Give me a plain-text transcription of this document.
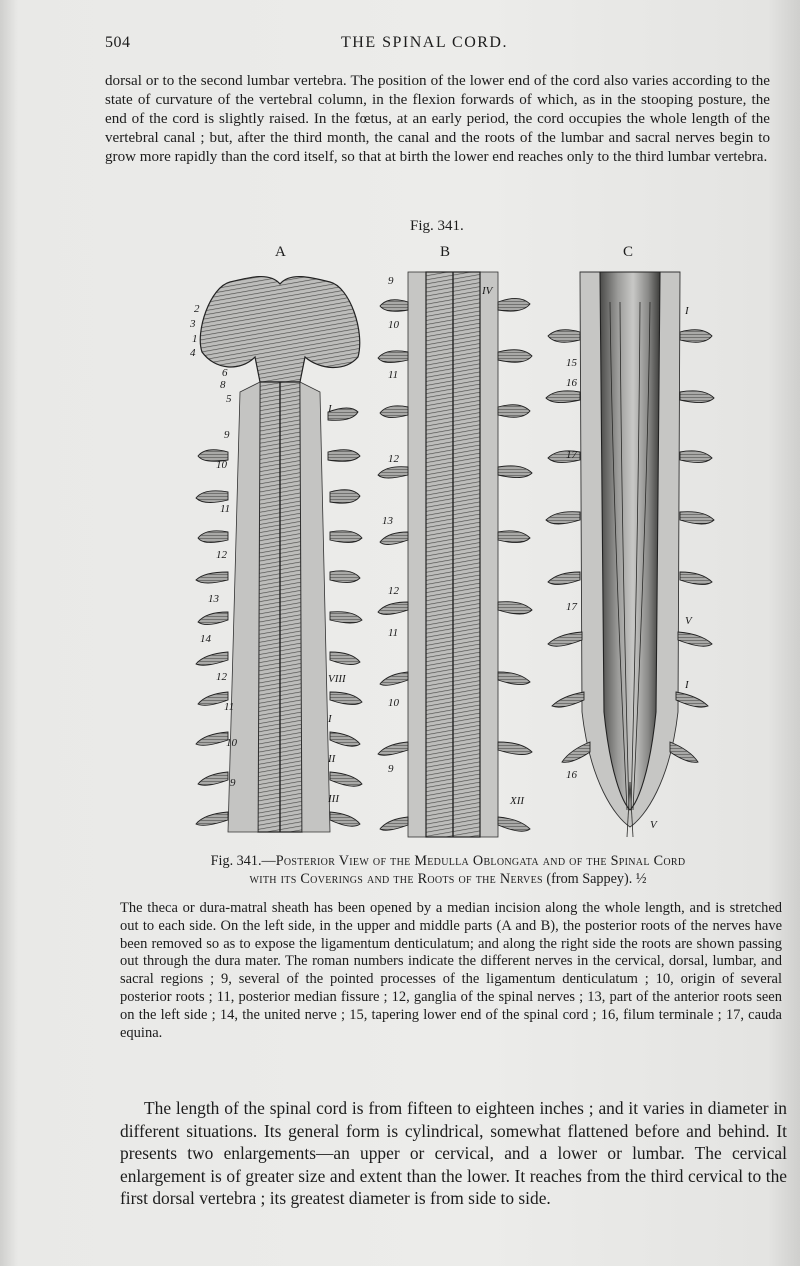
504	THE SPINAL CORD.
dorsal or to the second lumbar vertebra. The position of the lower end of the cord also varies according to the state of curvature of the vertebral column, in the flexion forwards of which, as in the stooping posture, the end of the cord is slightly raised. In the fœtus, at an early period, the cord occupies the whole length of the vertebral canal ; but, after the third month, the canal and the roots of the lumbar and sacral nerves begin to grow more rapidly than the cord itself, so that at birth the lower end reaches only to the third lumbar vertebra.
Fig. 341.
A	B	C
2 3 1 46 85 9 10 11 12 13 1412 11 10 9
I VIII I II III
9 10 11 12 13 12 11 10 9
IVXII
15 16 17 17 16
I V I V
Fig. 341.—Posterior View of the Medulla Oblongata and of the Spinal Cord
with its Coverings and the Roots of the Nerves (from Sappey). ½
The theca or dura-matral sheath has been opened by a median incision along the whole length, and is stretched out to each side. On the left side, in the upper and middle parts (A and B), the posterior roots of the nerves have been removed so as to expose the ligamentum denticulatum; and along the right side the roots are shown passing out through the dura mater. The roman numbers indicate the different nerves in the cervical, dorsal, lumbar, and sacral regions ; 9, several of the pointed processes of the ligamentum denticulatum ; 10, origin of several posterior roots ; 11, posterior median fissure ; 12, ganglia of the spinal nerves ; 13, part of the anterior roots seen on the left side ; 14, the united nerve ; 15, tapering lower end of the spinal cord ; 16, filum terminale ; 17, cauda equina.
The length of the spinal cord is from fifteen to eighteen inches ; and it varies in diameter in different situations. Its general form is cylindrical, somewhat flattened before and behind. It presents two enlargements—an upper or cervical, and a lower or lumbar. The cervical enlargement is of greater size and extent than the lower. It reaches from the third cervical to the first dorsal vertebra ; its greatest diameter is from side to side.
